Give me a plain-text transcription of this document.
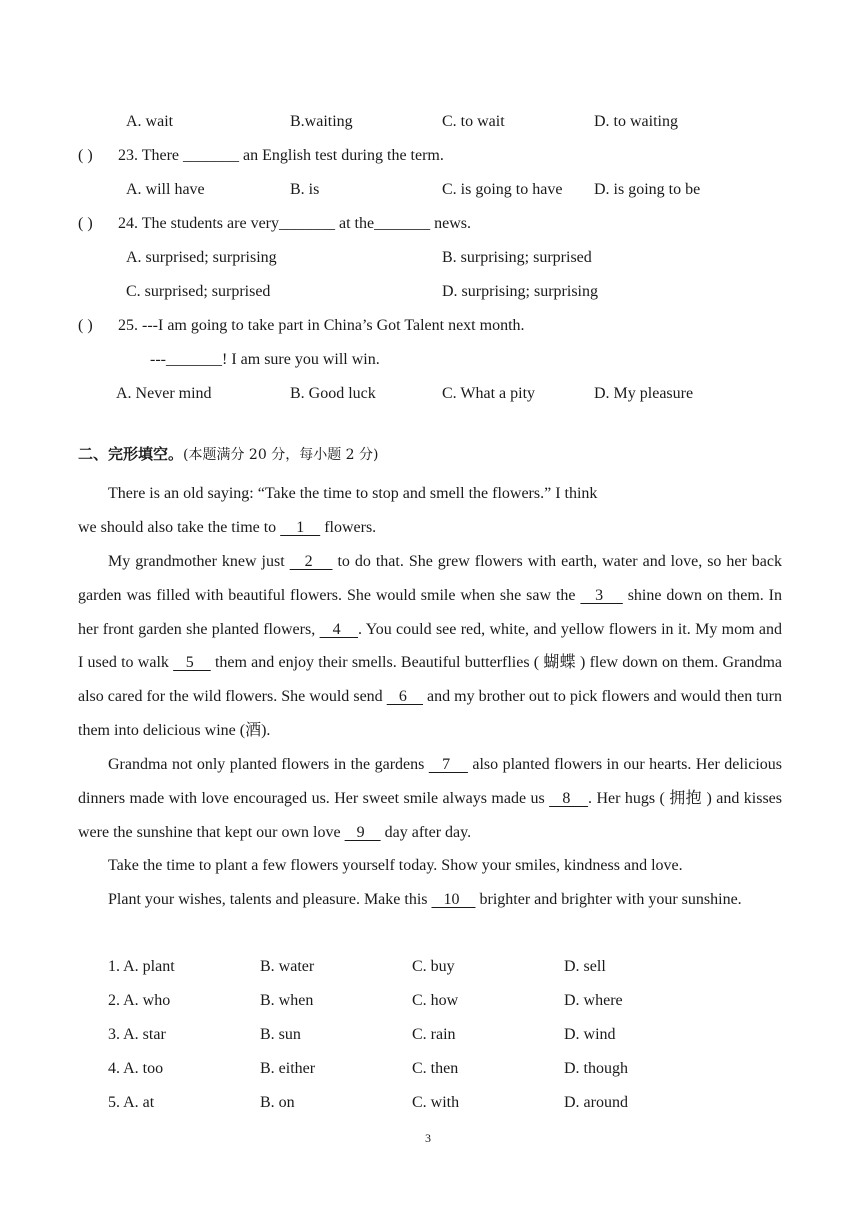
A. wait	B.waiting	C. to wait	D. to waiting
( ) 23. There _______ an English test during the term.
A. will have	B. is	C. is going to have D. is going to be
( ) 24. The students are very_______ at the_______ news.
A. surprised; surprising	B. surprising; surprised
C. surprised; surprised	D. surprising; surprising
( ) 25. ---I am going to take part in China’s Got Talent next month.
---_______! I am sure you will win.
A. Never mind	B. Good luck	C. What a pity	D. My pleasure
二、完形填空。(本题满分 20 分，每小题 2 分)
There is an old saying: “Take the time to stop and smell the flowers.” I think
we should also take the time to     1     flowers.
My grandmother knew just    2     to do that. She grew flowers with earth, water and love, so her back garden was filled with beautiful flowers. She would smile when she saw the    3     shine down on them. In her front garden she planted flowers,    4    . You could see red, white, and yellow flowers in it. My mom and I used to walk    5     them and enjoy their smells. Beautiful butterflies ( 蝴蝶 ) flew down on them. Grandma also cared for the wild flowers. She would send    6     and my brother out to pick flowers and would then turn them into delicious wine (酒).
Grandma not only planted flowers in the gardens    7     also planted flowers in our hearts. Her delicious dinners made with love encouraged us. Her sweet smile always made us    8    . Her hugs ( 拥抱 ) and kisses were the sunshine that kept our own love    9     day after day.
Take the time to plant a few flowers yourself today. Show your smiles, kindness and love.
Plant your wishes, talents and pleasure. Make this    10     brighter and brighter with your sunshine.
1. A. plant	B. water	C. buy	D. sell
2. A. who	B. when	C. how	D. where
3. A. star	B. sun	C. rain	D. wind
4. A. too	B. either	C. then	D. though
5. A. at	B. on	C. with	D. around
3
